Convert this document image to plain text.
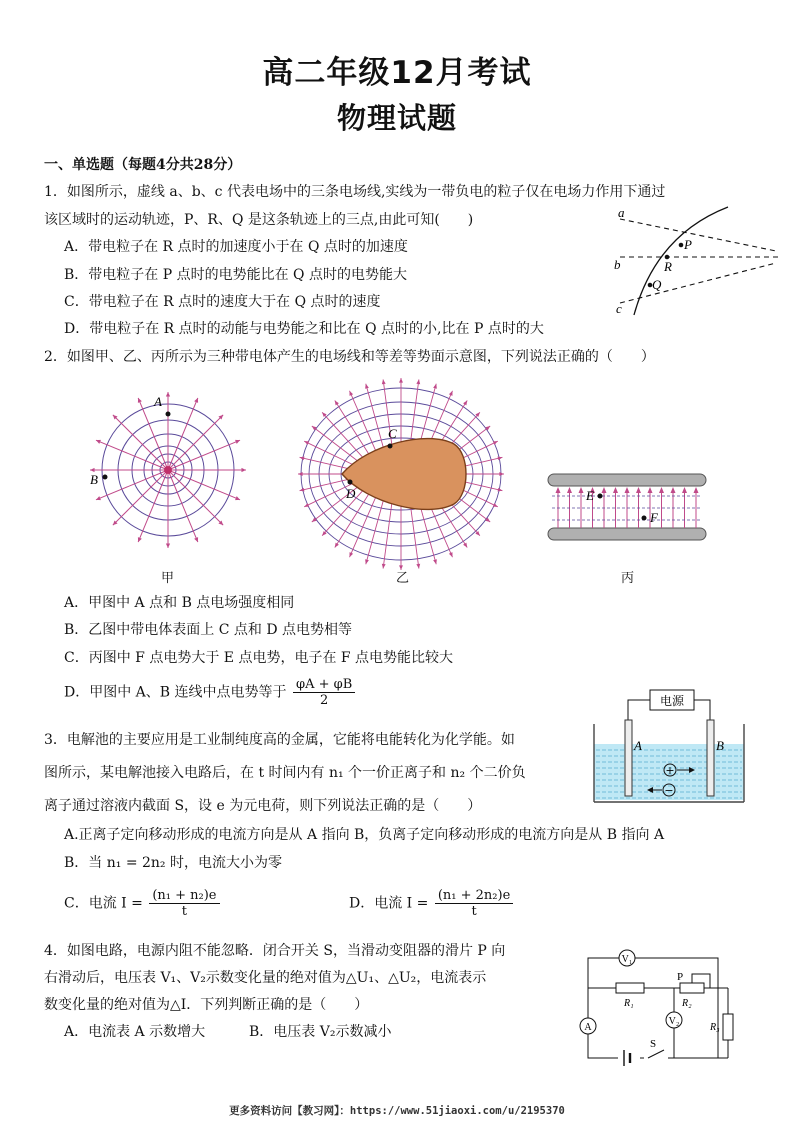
高二年级12月考试
物理试题
一、单选题（每题4分共28分）
1．如图所示，虚线 a、b、c 代表电场中的三条电场线,实线为一带负电的粒子仅在电场力作用下通过
该区域时的运动轨迹，P、R、Q 是这条轨迹上的三点,由此可知(　　)
A．带电粒子在 R 点时的加速度小于在 Q 点时的加速度
B．带电粒子在 P 点时的电势能比在 Q 点时的电势能大
C．带电粒子在 R 点时的速度大于在 Q 点时的速度
D．带电粒子在 R 点时的动能与电势能之和比在 Q 点时的小,比在 P 点时的大
a
b
c
P
R
Q
2．如图甲、乙、丙所示为三种带电体产生的电场线和等差等势面示意图，下列说法正确的（　　）
A
B
C
D	E
F
甲	乙	丙
A．甲图中 A 点和 B 点电场强度相同
B．乙图中带电体表面上 C 点和 D 点电势相等
C．丙图中 F 点电势大于 E 点电势，电子在 F 点电势能比较大
D．甲图中 A、B 连线中点电势等于 $\frac{\varphi A + \varphi B}{2}$
3．电解池的主要应用是工业制纯度高的金属，它能将电能转化为化学能。如
图所示，某电解池接入电路后，在 t 时间内有 n₁ 个一价正离子和 n₂ 个二价负
离子通过溶液内截面 S，设 e 为元电荷，则下列说法正确的是（　　）
A.正离子定向移动形成的电流方向是从 A 指向 B，负离子定向移动形成的电流方向是从 B 指向 A
B．当 n₁ = 2n₂ 时，电流大小为零
C．电流 $I = \frac{\text{(n₁ + n₂)e}}{t}$	D．电流 $I = \frac{\text{(n₁ + 2n₂)e}}{t}$
电源
A	B
+
−
4．如图电路，电源内阻不能忽略．闭合开关 S，当滑动变阻器的滑片 P 向
右滑动后，电压表 V₁、V₂示数变化量的绝对值为△U₁、△U₂，电流表示
数变化量的绝对值为△I．下列判断正确的是（　　）
A．电流表 A 示数增大	B．电压表 V₂示数减小
V₁
R₁	R₂
P
R₃
A
V₂
S
更多资料访问【教习网】：https://www.51jiaoxi.com/u/2195370
